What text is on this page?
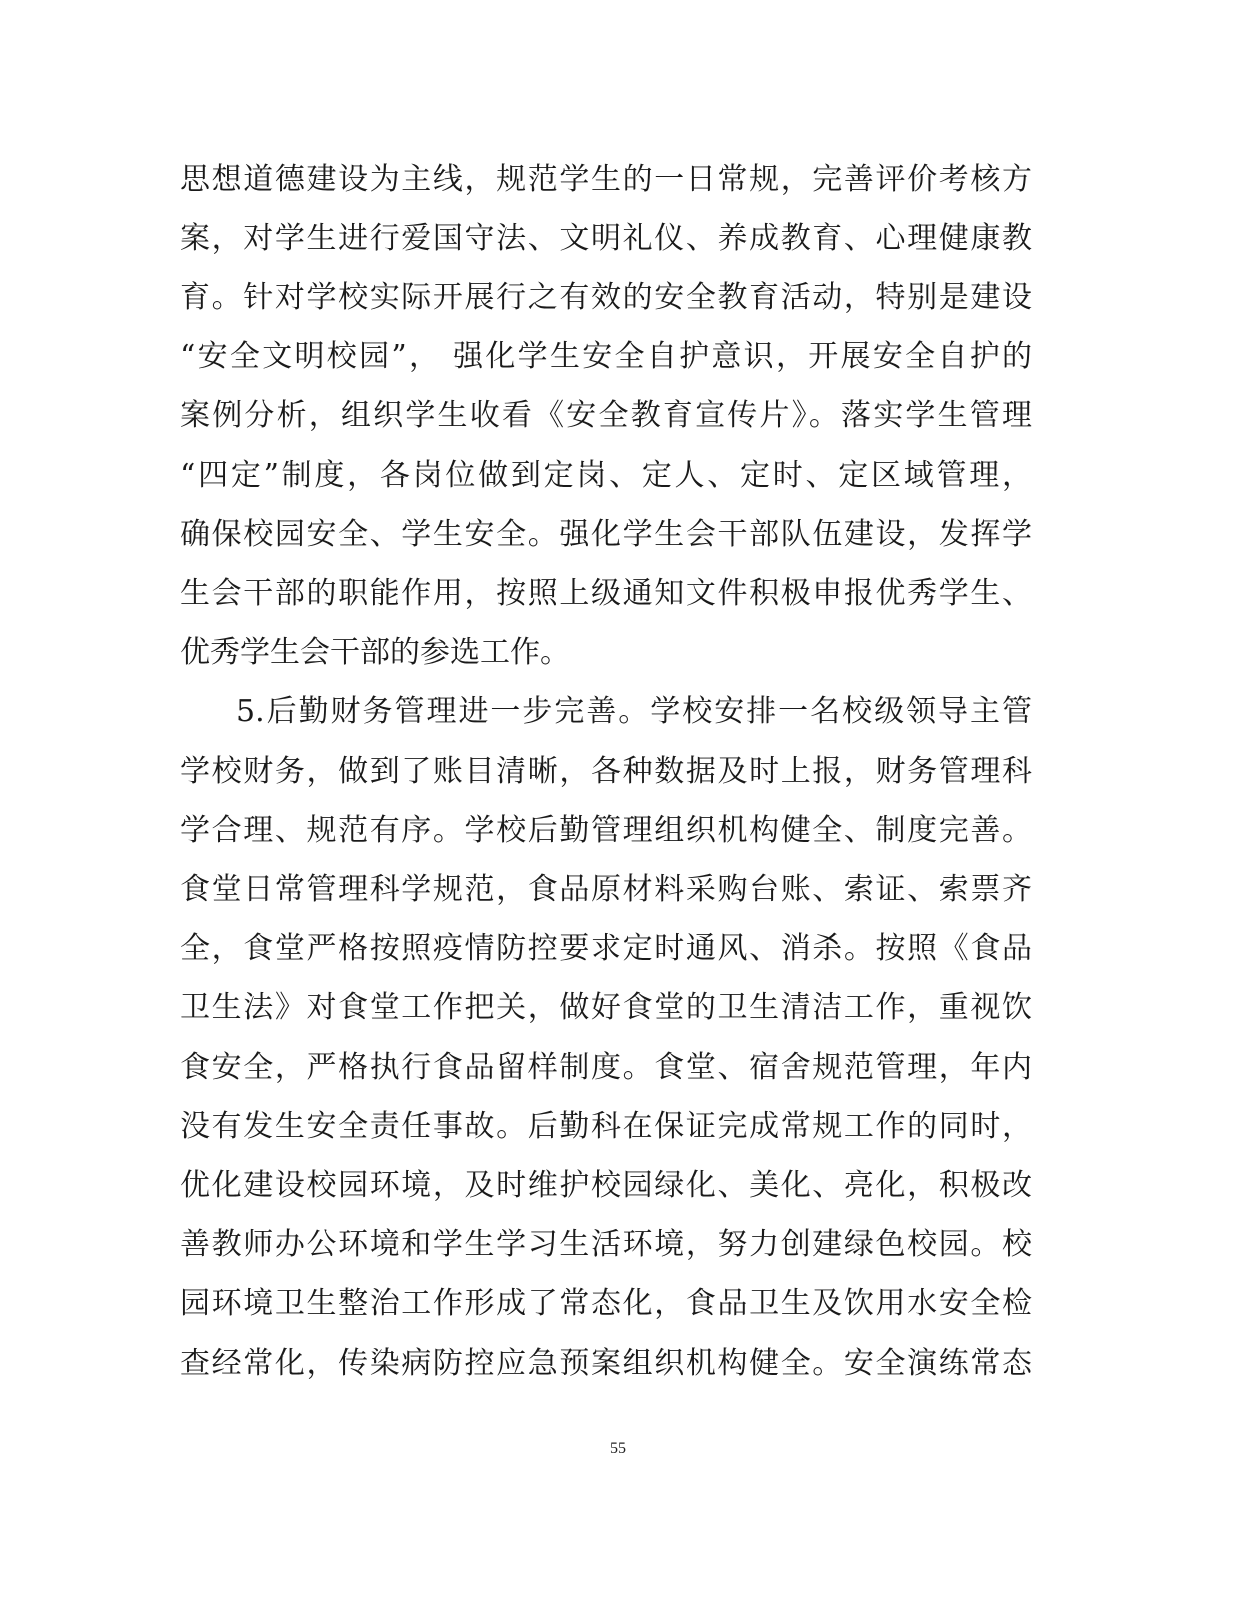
思想道德建设为主线，规范学生的一日常规，完善评价考核方
案，对学生进行爱国守法、文明礼仪、养成教育、心理健康教
育。针对学校实际开展行之有效的安全教育活动，特别是建设
“安全文明校园”， 强化学生安全自护意识，开展安全自护的
案例分析，组织学生收看《安全教育宣传片》。落实学生管理
“四定”制度，各岗位做到定岗、定人、定时、定区域管理，
确保校园安全、学生安全。强化学生会干部队伍建设，发挥学
生会干部的职能作用，按照上级通知文件积极申报优秀学生、
优秀学生会干部的参选工作。
5.后勤财务管理进一步完善。学校安排一名校级领导主管
学校财务，做到了账目清晰，各种数据及时上报，财务管理科
学合理、规范有序。学校后勤管理组织机构健全、制度完善。
食堂日常管理科学规范，食品原材料采购台账、索证、索票齐
全，食堂严格按照疫情防控要求定时通风、消杀。按照《食品
卫生法》对食堂工作把关，做好食堂的卫生清洁工作，重视饮
食安全，严格执行食品留样制度。食堂、宿舍规范管理，年内
没有发生安全责任事故。后勤科在保证完成常规工作的同时，
优化建设校园环境，及时维护校园绿化、美化、亮化，积极改
善教师办公环境和学生学习生活环境，努力创建绿色校园。校
园环境卫生整治工作形成了常态化，食品卫生及饮用水安全检
查经常化，传染病防控应急预案组织机构健全。安全演练常态
55
